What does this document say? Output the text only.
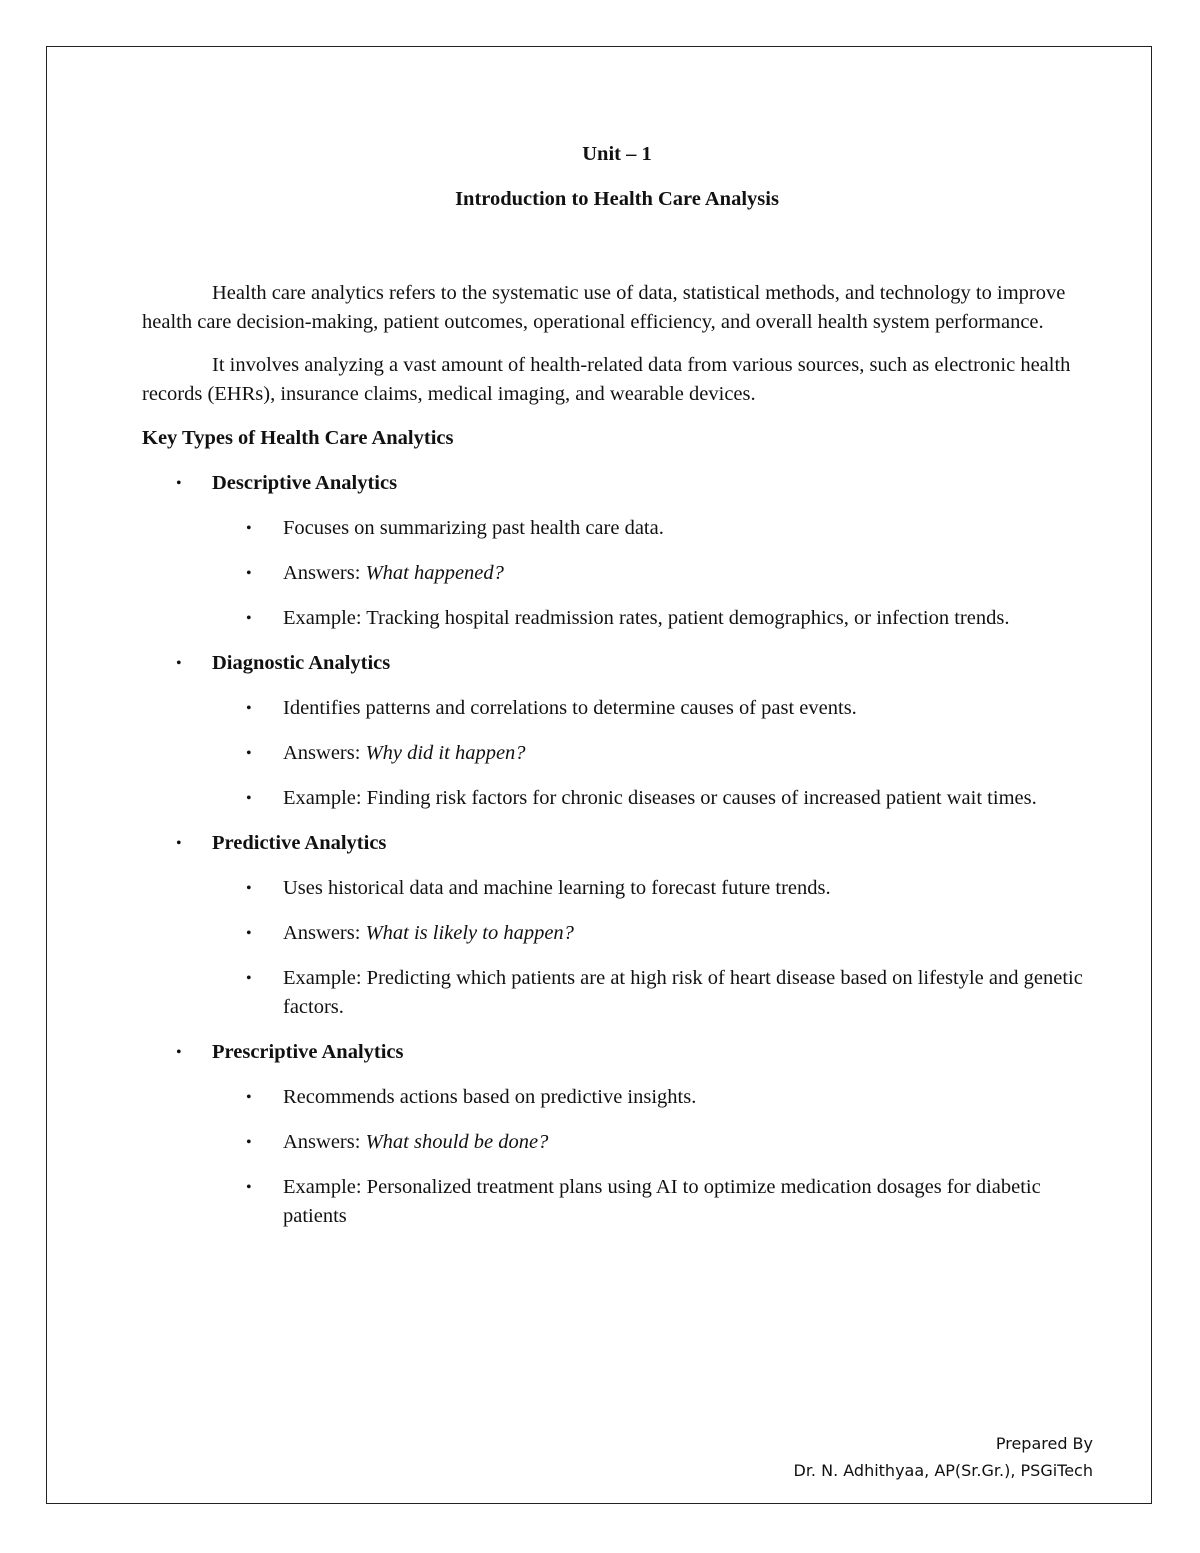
Unit – 1

Introduction to Health Care Analysis

Health care analytics refers to the systematic use of data, statistical methods, and technology to improve health care decision-making, patient outcomes, operational efficiency, and overall health system performance.

It involves analyzing a vast amount of health-related data from various sources, such as electronic health records (EHRs), insurance claims, medical imaging, and wearable devices.

Key Types of Health Care Analytics

• Descriptive Analytics
• Focuses on summarizing past health care data.
• Answers: What happened?
• Example: Tracking hospital readmission rates, patient demographics, or infection trends.
• Diagnostic Analytics
• Identifies patterns and correlations to determine causes of past events.
• Answers: Why did it happen?
• Example: Finding risk factors for chronic diseases or causes of increased patient wait times.
• Predictive Analytics
• Uses historical data and machine learning to forecast future trends.
• Answers: What is likely to happen?
• Example: Predicting which patients are at high risk of heart disease based on lifestyle and genetic factors.
• Prescriptive Analytics
• Recommends actions based on predictive insights.
• Answers: What should be done?
• Example: Personalized treatment plans using AI to optimize medication dosages for diabetic patients
Prepared By
Dr. N. Adhithyaa, AP(Sr.Gr.), PSGiTech
